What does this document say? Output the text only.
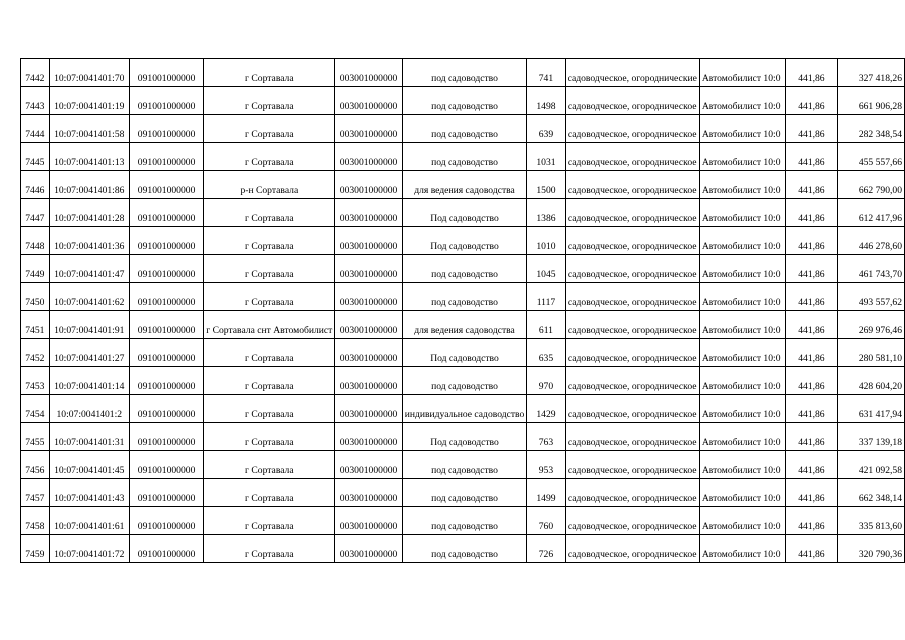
7442	10:07:0041401:70	091001000000	г Сортавала	003001000000	под садоводство	741	садоводческое, огороднические	Автомобилист 10:0	441,86	327 418,26
7443	10:07:0041401:19	091001000000	г Сортавала	003001000000	под садоводство	1498	садоводческое, огородническое	Автомобилист 10:0	441,86	661 906,28
7444	10:07:0041401:58	091001000000	г Сортавала	003001000000	под садоводство	639	садоводческое, огородническое	Автомобилист 10:0	441,86	282 348,54
7445	10:07:0041401:13	091001000000	г Сортавала	003001000000	под садоводство	1031	садоводческое, огородническое	Автомобилист 10:0	441,86	455 557,66
7446	10:07:0041401:86	091001000000	р-н Сортавала	003001000000	для ведения садоводства	1500	садоводческое, огородническое	Автомобилист 10:0	441,86	662 790,00
7447	10:07:0041401:28	091001000000	г Сортавала	003001000000	Под садоводство	1386	садоводческое, огородническое	Автомобилист 10:0	441,86	612 417,96
7448	10:07:0041401:36	091001000000	г Сортавала	003001000000	Под садоводство	1010	садоводческое, огородническое	Автомобилист 10:0	441,86	446 278,60
7449	10:07:0041401:47	091001000000	г Сортавала	003001000000	под садоводство	1045	садоводческое, огородническое	Автомобилист 10:0	441,86	461 743,70
7450	10:07:0041401:62	091001000000	г Сортавала	003001000000	под садоводство	1117	садоводческое, огородническое	Автомобилист 10:0	441,86	493 557,62
7451	10:07:0041401:91	091001000000	г Сортавала снт Автомобилист	003001000000	для ведения садоводства	611	садоводческое, огородническое	Автомобилист 10:0	441,86	269 976,46
7452	10:07:0041401:27	091001000000	г Сортавала	003001000000	Под садоводство	635	садоводческое, огородническое	Автомобилист 10:0	441,86	280 581,10
7453	10:07:0041401:14	091001000000	г Сортавала	003001000000	под садоводство	970	садоводческое, огородническое	Автомобилист 10:0	441,86	428 604,20
7454	10:07:0041401:2	091001000000	г Сортавала	003001000000	индивидуальное садоводство	1429	садоводческое, огородническое	Автомобилист 10:0	441,86	631 417,94
7455	10:07:0041401:31	091001000000	г Сортавала	003001000000	Под садоводство	763	садоводческое, огородническое	Автомобилист 10:0	441,86	337 139,18
7456	10:07:0041401:45	091001000000	г Сортавала	003001000000	под садоводство	953	садоводческое, огородническое	Автомобилист 10:0	441,86	421 092,58
7457	10:07:0041401:43	091001000000	г Сортавала	003001000000	под садоводство	1499	садоводческое, огородническое	Автомобилист 10:0	441,86	662 348,14
7458	10:07:0041401:61	091001000000	г Сортавала	003001000000	под садоводство	760	садоводческое, огородническое	Автомобилист 10:0	441,86	335 813,60
7459	10:07:0041401:72	091001000000	г Сортавала	003001000000	под садоводство	726	садоводческое, огородническое	Автомобилист 10:0	441,86	320 790,36
